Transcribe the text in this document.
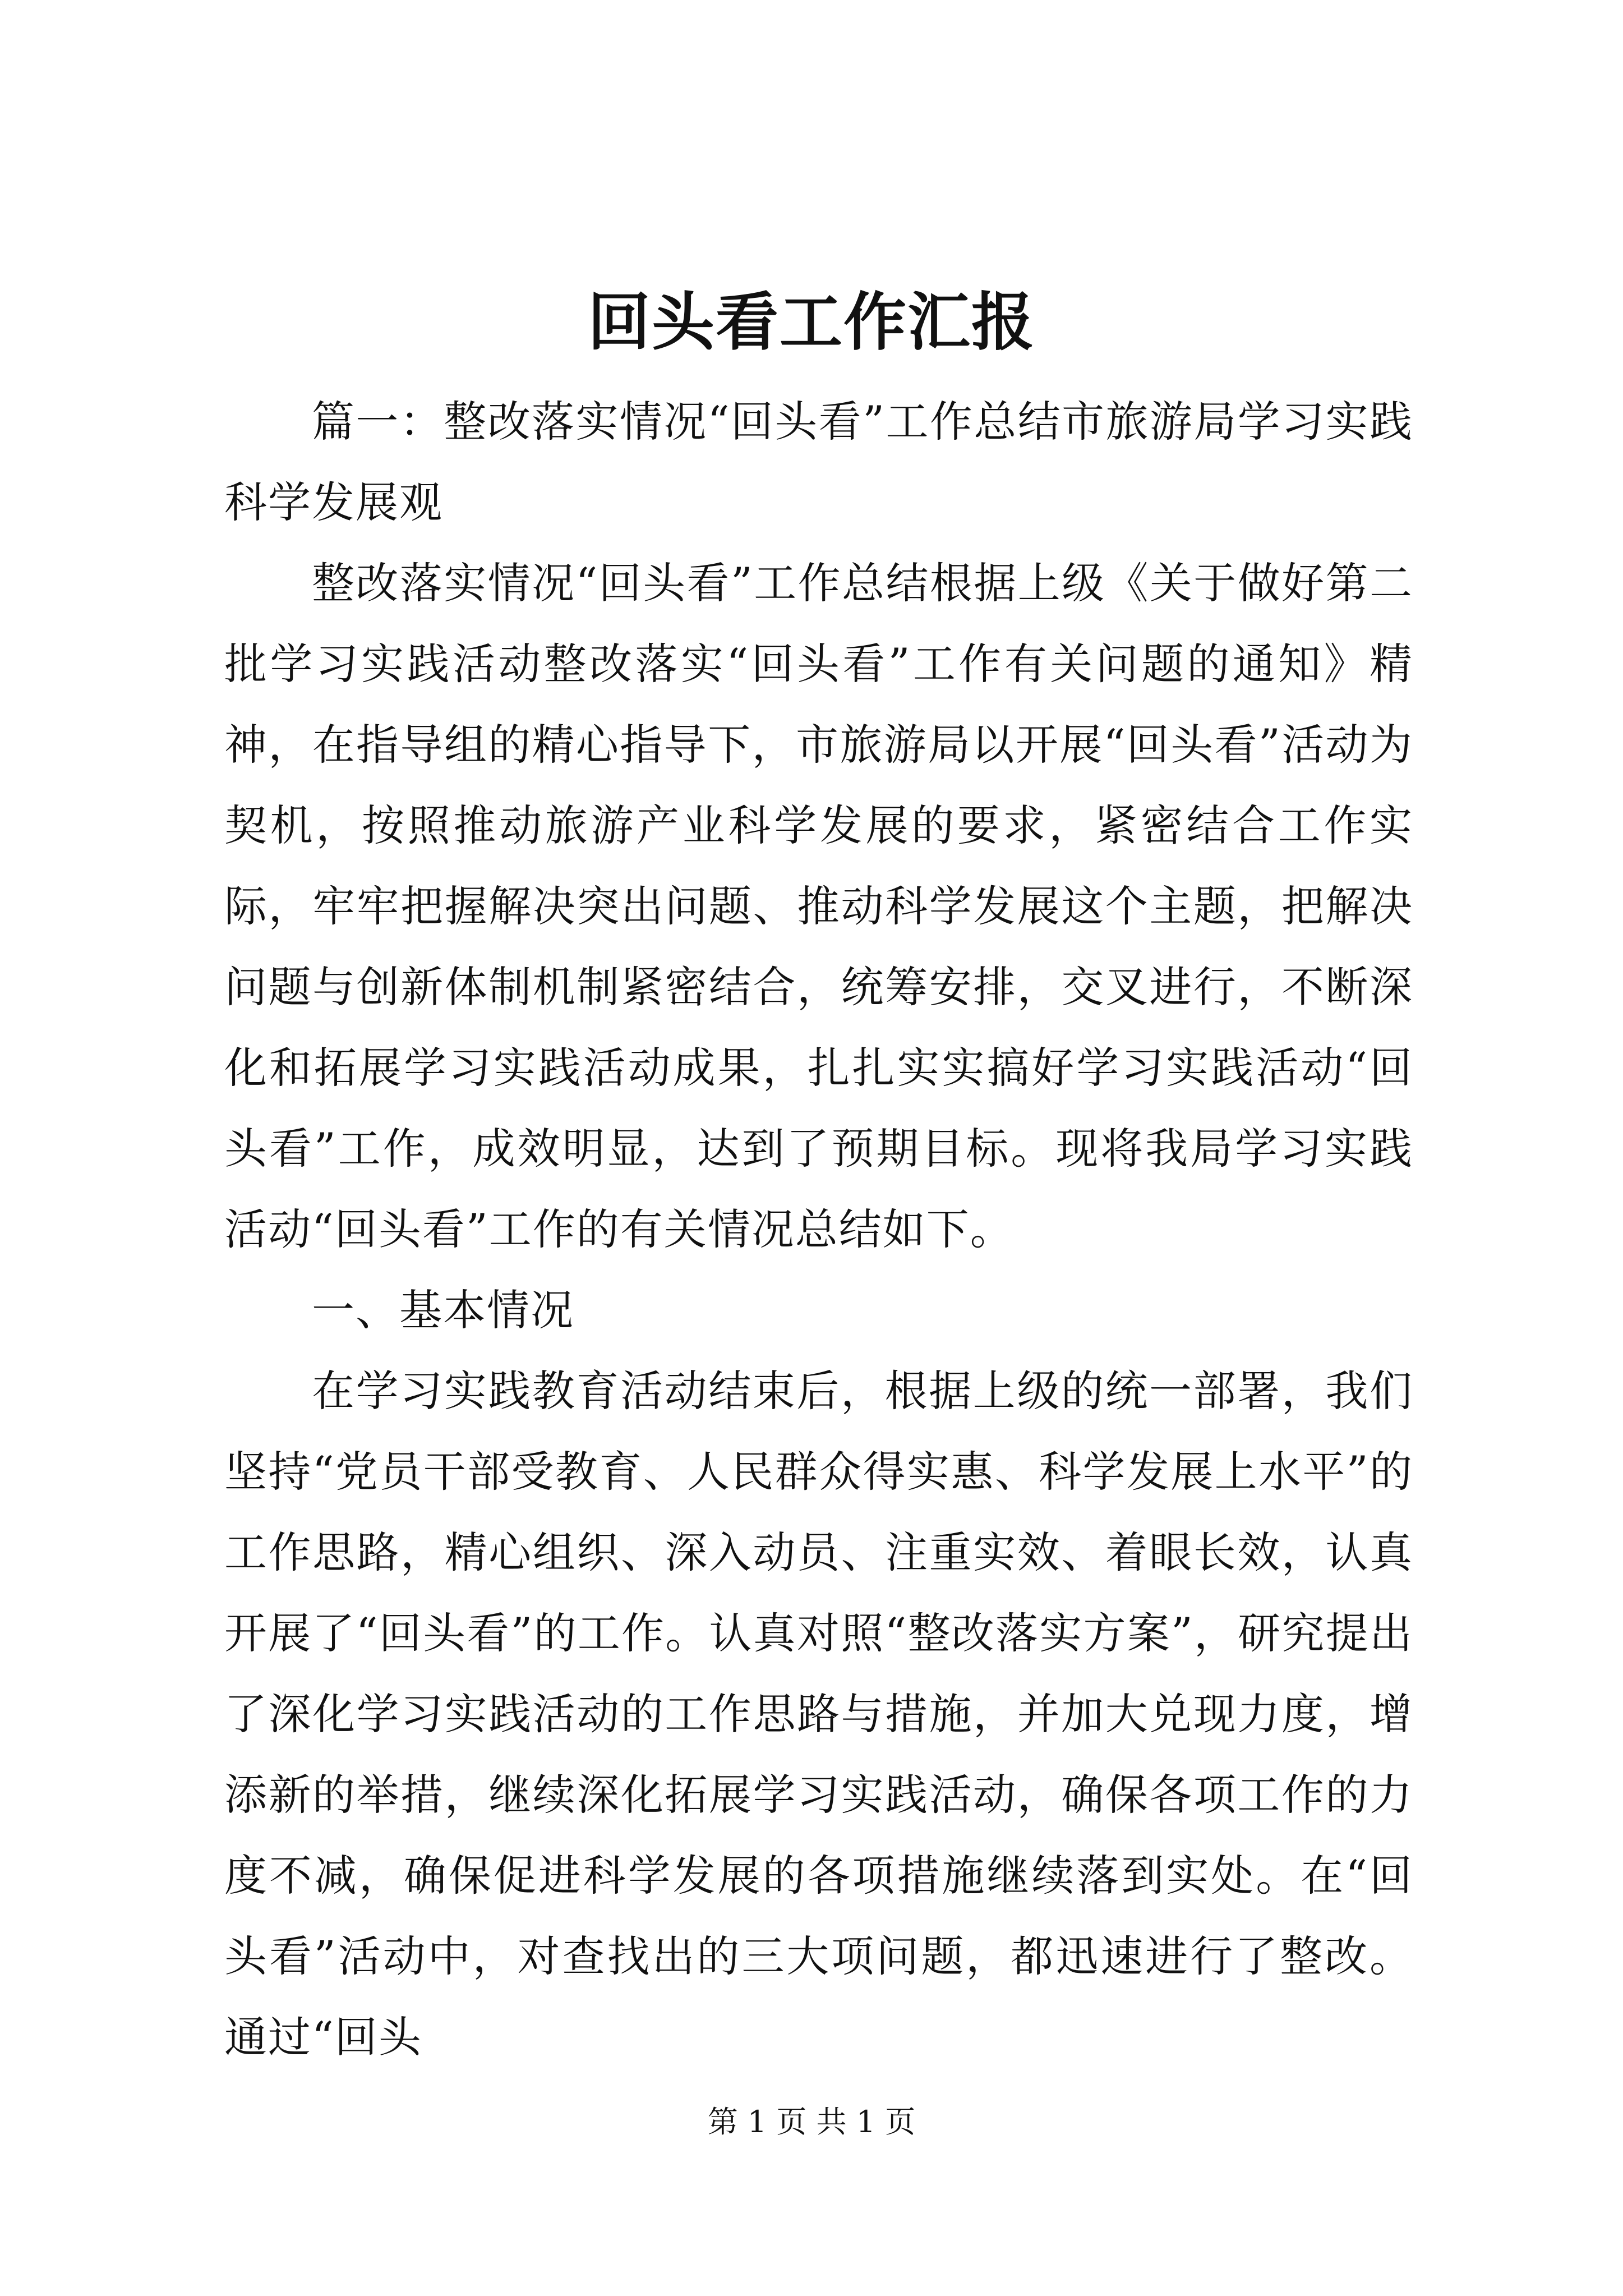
回头看工作汇报

篇一：整改落实情况“回头看”工作总结市旅游局学习实践科学发展观

整改落实情况“回头看”工作总结根据上级《关于做好第二批学习实践活动整改落实“回头看”工作有关问题的通知》精神，在指导组的精心指导下，市旅游局以开展“回头看”活动为契机，按照推动旅游产业科学发展的要求，紧密结合工作实际，牢牢把握解决突出问题、推动科学发展这个主题，把解决问题与创新体制机制紧密结合，统筹安排，交叉进行，不断深化和拓展学习实践活动成果，扎扎实实搞好学习实践活动“回头看”工作，成效明显，达到了预期目标。现将我局学习实践活动“回头看”工作的有关情况总结如下。

一、基本情况

在学习实践教育活动结束后，根据上级的统一部署，我们坚持“党员干部受教育、人民群众得实惠、科学发展上水平”的工作思路，精心组织、深入动员、注重实效、着眼长效，认真开展了“回头看”的工作。认真对照“整改落实方案”，研究提出了深化学习实践活动的工作思路与措施，并加大兑现力度，增添新的举措，继续深化拓展学习实践活动，确保各项工作的力度不减，确保促进科学发展的各项措施继续落到实处。在“回头看”活动中，对查找出的三大项问题，都迅速进行了整改。通过“回头

第 1 页 共 1 页
